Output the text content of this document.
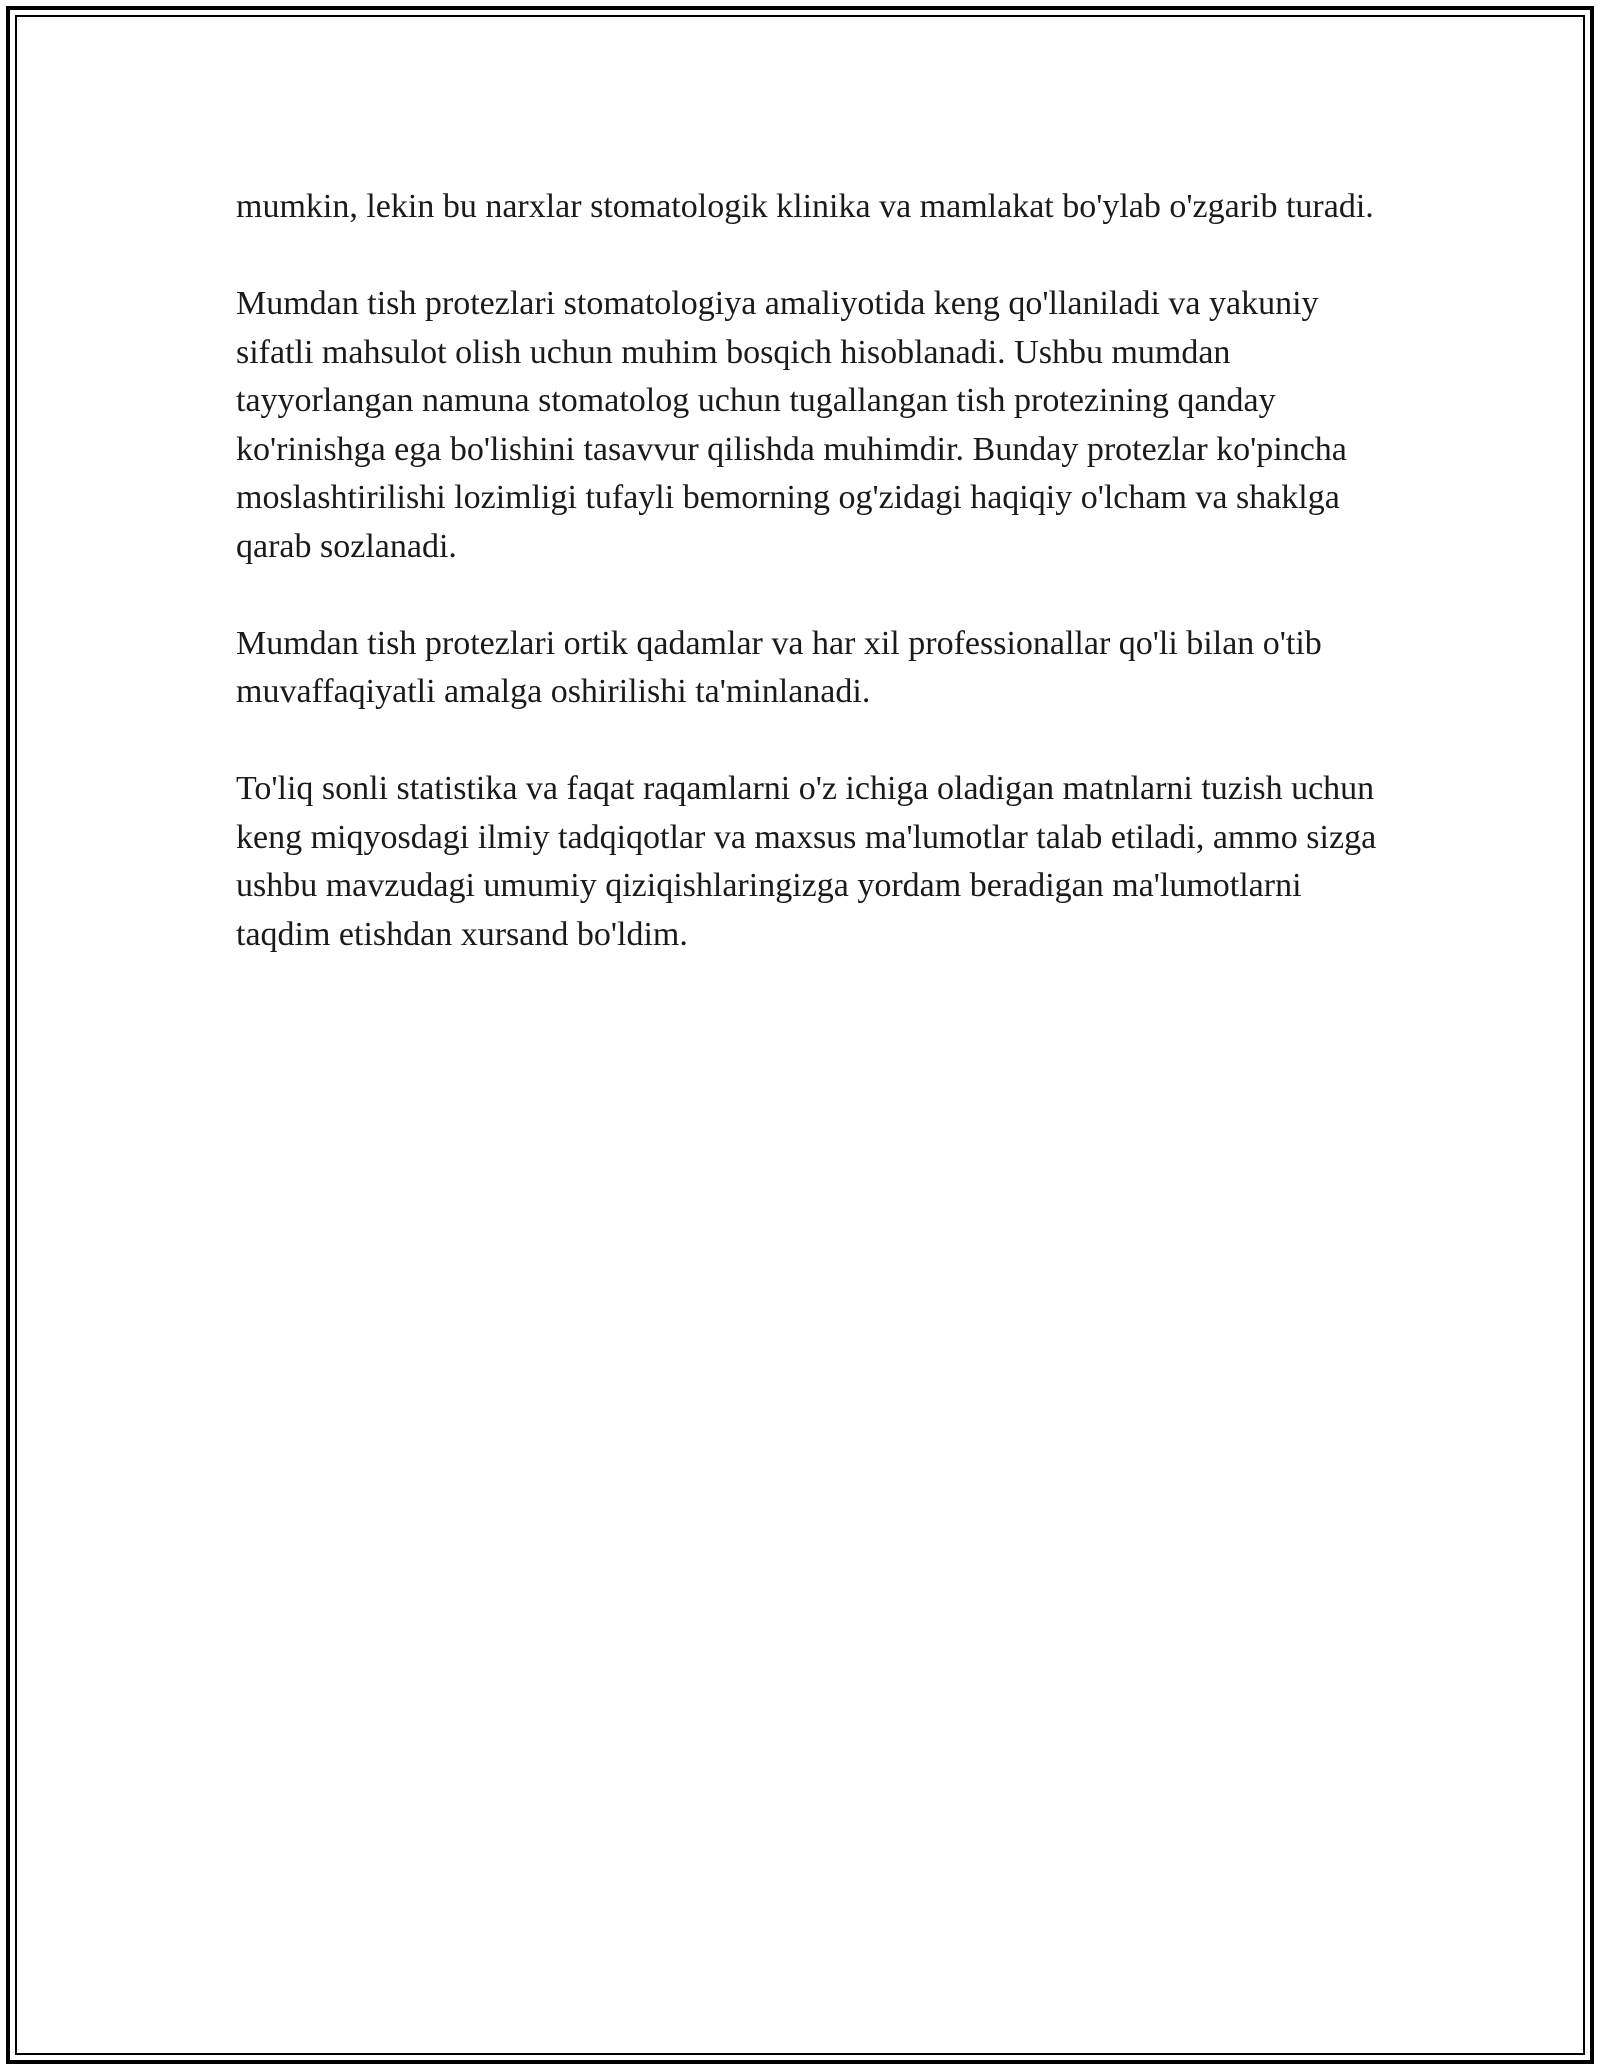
mumkin, lekin bu narxlar stomatologik klinika va mamlakat bo'ylab o'zgarib turadi.

Mumdan tish protezlari stomatologiya amaliyotida keng qo'llaniladi va yakuniy sifatli mahsulot olish uchun muhim bosqich hisoblanadi. Ushbu mumdan tayyorlangan namuna stomatolog uchun tugallangan tish protezining qanday ko'rinishga ega bo'lishini tasavvur qilishda muhimdir. Bunday protezlar ko'pincha moslashtirilishi lozimligi tufayli bemorning og'zidagi haqiqiy o'lcham va shaklga qarab sozlanadi.

Mumdan tish protezlari ortik qadamlar va har xil professionallar qo'li bilan o'tib muvaffaqiyatli amalga oshirilishi ta'minlanadi.

To'liq sonli statistika va faqat raqamlarni o'z ichiga oladigan matnlarni tuzish uchun keng miqyosdagi ilmiy tadqiqotlar va maxsus ma'lumotlar talab etiladi, ammo sizga ushbu mavzudagi umumiy qiziqishlaringizga yordam beradigan ma'lumotlarni taqdim etishdan xursand bo'ldim.
